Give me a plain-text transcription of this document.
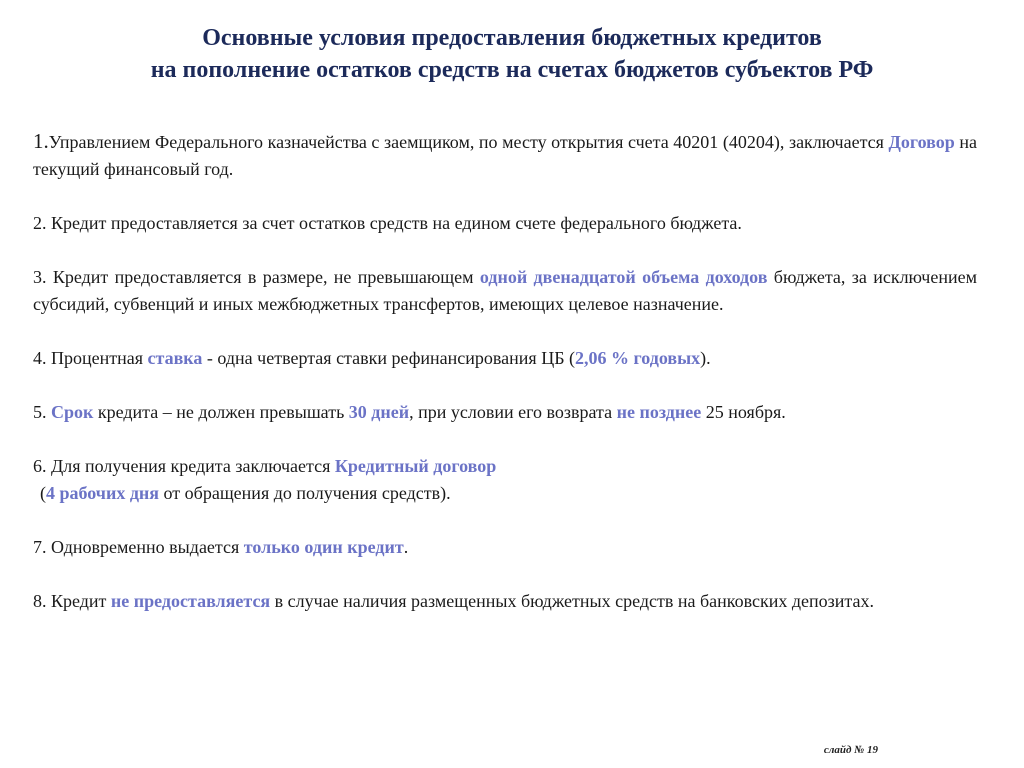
Основные условия предоставления бюджетных кредитов
на пополнение остатков средств на счетах бюджетов субъектов РФ

1.Управлением Федерального казначейства с заемщиком, по месту открытия счета 40201 (40204), заключается Договор на текущий финансовый год.

2. Кредит предоставляется за счет остатков средств на едином счете федерального бюджета.

3. Кредит предоставляется в размере, не превышающем одной двенадцатой объема доходов бюджета, за исключением субсидий, субвенций и иных межбюджетных трансфертов, имеющих целевое назначение.

4. Процентная ставка - одна четвертая ставки рефинансирования ЦБ (2,06 % годовых).

5. Срок кредита – не должен превышать 30 дней, при условии его возврата не позднее 25 ноября.

6. Для получения кредита заключается Кредитный договор
(4 рабочих дня от обращения до получения средств).

7. Одновременно выдается только один кредит.

8. Кредит не предоставляется в случае наличия размещенных бюджетных средств на банковских депозитах.

слайд № 19
